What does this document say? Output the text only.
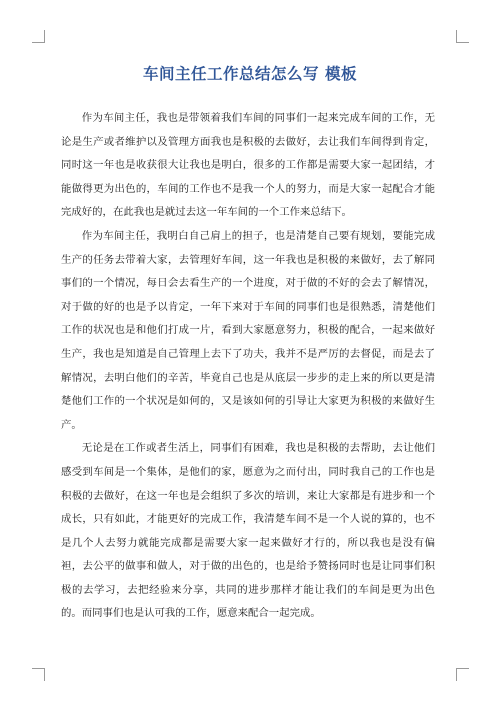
车间主任工作总结怎么写 模板

作为车间主任，我也是带领着我们车间的同事们一起来完成车间的工作，无论是生产或者维护以及管理方面我也是积极的去做好，去让我们车间得到肯定，同时这一年也是收获很大让我也是明白，很多的工作都是需要大家一起团结，才能做得更为出色的，车间的工作也不是我一个人的努力，而是大家一起配合才能完成好的，在此我也是就过去这一年车间的一个工作来总结下。

作为车间主任，我明白自己肩上的担子，也是清楚自己要有规划，要能完成生产的任务去带着大家，去管理好车间，这一年我也是积极的来做好，去了解同事们的一个情况，每日会去看生产的一个进度，对于做的不好的会去了解情况，对于做的好的也是予以肯定，一年下来对于车间的同事们也是很熟悉，清楚他们工作的状况也是和他们打成一片，看到大家愿意努力，积极的配合，一起来做好生产，我也是知道是自己管理上去下了功夫，我并不是严厉的去督促，而是去了解情况，去明白他们的辛苦，毕竟自己也是从底层一步步的走上来的所以更是清楚他们工作的一个状况是如何的，又是该如何的引导让大家更为积极的来做好生产。

无论是在工作或者生活上，同事们有困难，我也是积极的去帮助，去让他们感受到车间是一个集体，是他们的家，愿意为之而付出，同时我自己的工作也是积极的去做好，在这一年也是会组织了多次的培训，来让大家都是有进步和一个成长，只有如此，才能更好的完成工作，我清楚车间不是一个人说的算的，也不是几个人去努力就能完成都是需要大家一起来做好才行的，所以我也是没有偏袒，去公平的做事和做人，对于做的出色的，也是给予赞扬同时也是让同事们积极的去学习，去把经验来分享，共同的进步那样才能让我们的车间是更为出色的。而同事们也是认可我的工作，愿意来配合一起完成。
